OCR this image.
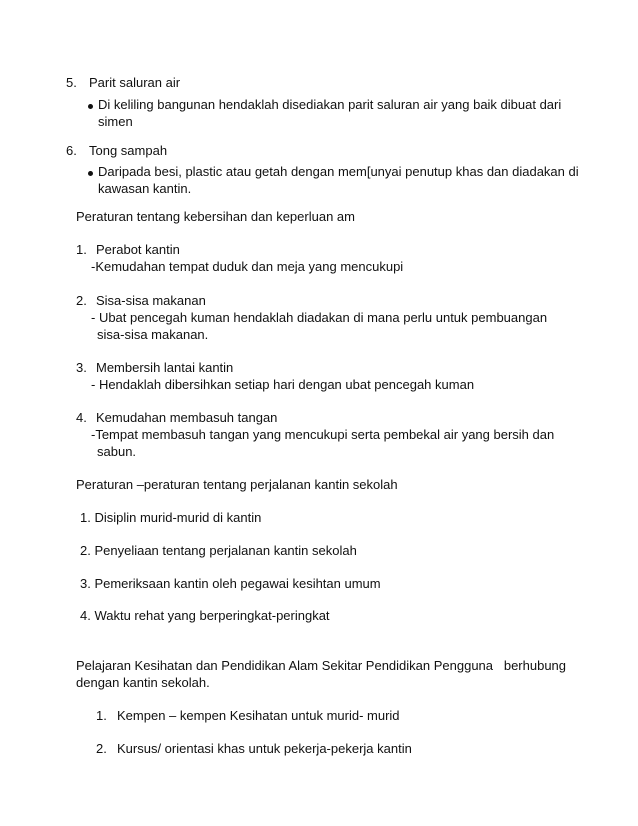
5. Parit saluran air

Di keliling bangunan hendaklah disediakan parit saluran air yang baik dibuat dari

simen

6. Tong sampah

Daripada besi, plastic atau getah dengan mem[unyai penutup khas dan diadakan di

kawasan kantin.

Peraturan tentang kebersihan dan keperluan am

1. Perabot kantin

-Kemudahan tempat duduk dan meja yang mencukupi

2. Sisa-sisa makanan

- Ubat pencegah kuman hendaklah diadakan di mana perlu untuk pembuangan

sisa-sisa makanan.

3. Membersih lantai kantin

- Hendaklah dibersihkan setiap hari dengan ubat pencegah kuman

4. Kemudahan membasuh tangan

-Tempat membasuh tangan yang mencukupi serta pembekal air yang bersih dan

sabun.

Peraturan –peraturan tentang perjalanan kantin sekolah

1. Disiplin murid-murid di kantin

2. Penyeliaan tentang perjalanan kantin sekolah

3. Pemeriksaan kantin oleh pegawai kesihtan umum

4. Waktu rehat yang berperingkat-peringkat

Pelajaran Kesihatan dan Pendidikan Alam Sekitar Pendidikan Pengguna   berhubung

dengan kantin sekolah.

1. Kempen – kempen Kesihatan untuk murid- murid

2. Kursus/ orientasi khas untuk pekerja-pekerja kantin
